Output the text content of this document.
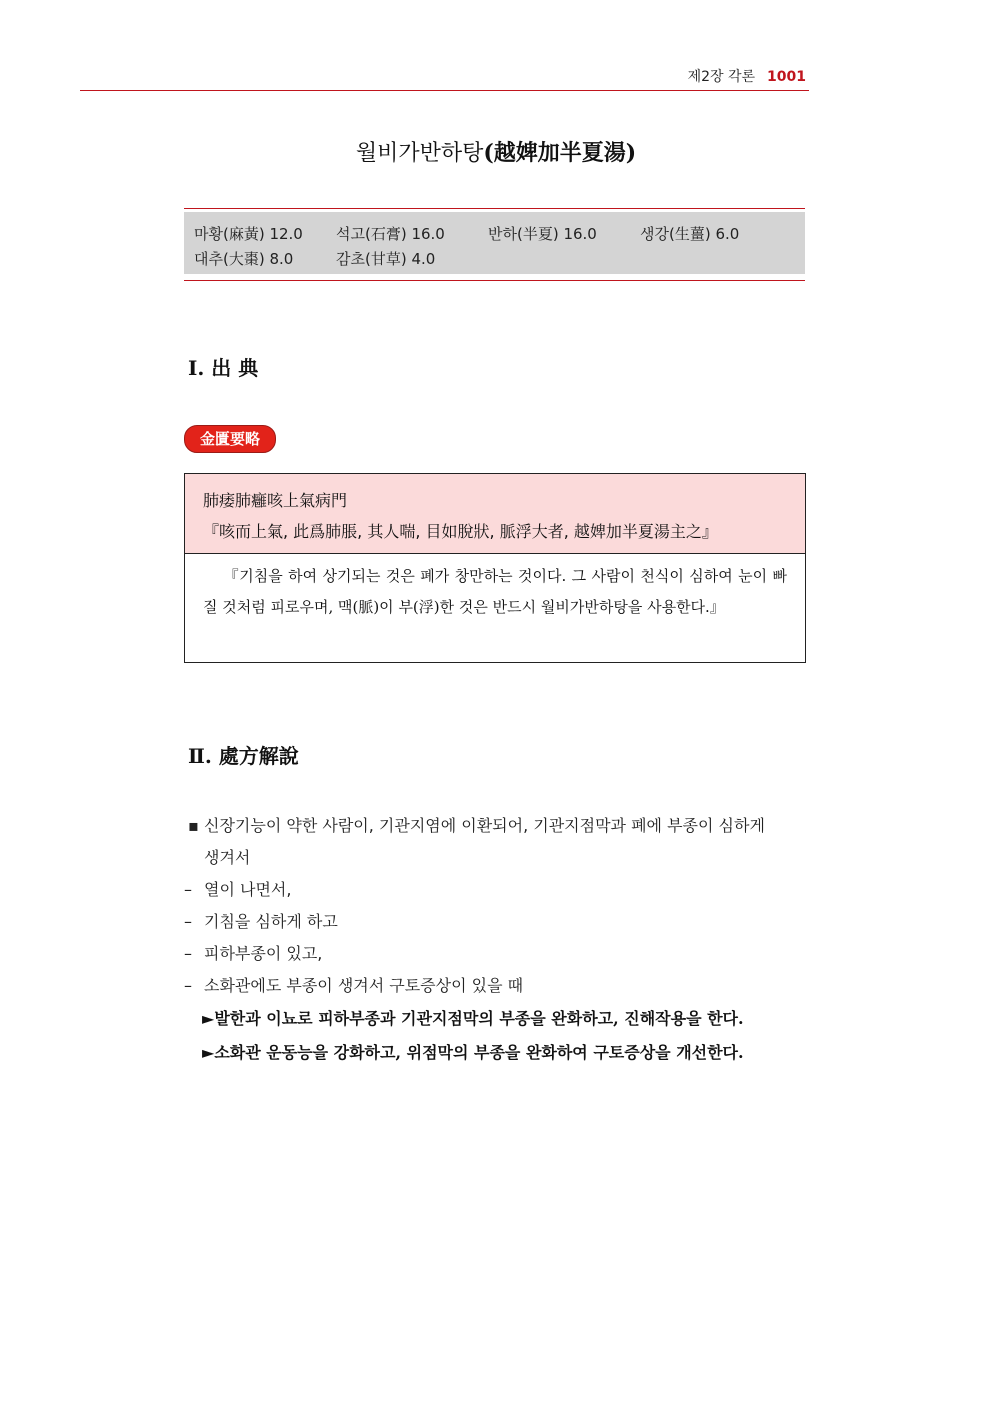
제2장 각론 1001
월비가반하탕(越婢加半夏湯)
마황(麻黃) 12.0 석고(石膏) 16.0	반하(半夏) 16.0	생강(生薑) 6.0
대추(大棗) 8.0	감초(甘草) 4.0
Ⅰ. 出 典
金匱要略
肺痿肺癰咳上氣病門
『咳而上氣, 此爲肺脹, 其人喘, 目如脫狀, 脈浮大者, 越婢加半夏湯主之』
『기침을 하여 상기되는 것은 폐가 창만하는 것이다. 그 사람이 천식이 심하여 눈이 빠질 것처럼 피로우며, 맥(脈)이 부(浮)한 것은 반드시 월비가반하탕을 사용한다.』
Ⅱ. 處方解說
▪ 신장기능이 약한 사람이, 기관지염에 이환되어, 기관지점막과 폐에 부종이 심하게
생겨서
– 열이 나면서,
– 기침을 심하게 하고
– 피하부종이 있고,
– 소화관에도 부종이 생겨서 구토증상이 있을 때
►발한과 이뇨로 피하부종과 기관지점막의 부종을 완화하고, 진해작용을 한다.
►소화관 운동능을 강화하고, 위점막의 부종을 완화하여 구토증상을 개선한다.
